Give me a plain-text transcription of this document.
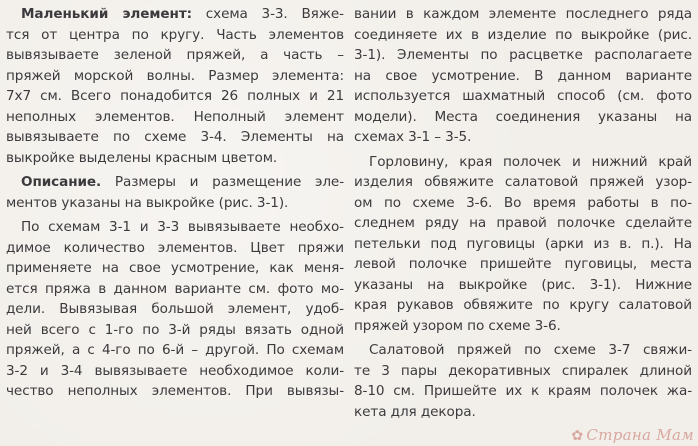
Маленький элемент: схема 3-3. Вяже-
тся от центра по кругу. Часть элементов
вывязываете зеленой пряжей, а часть –
пряжей морской волны. Размер элемента:
7х7 см. Всего понадобится 26 полных и 21
неполных элементов. Неполный элемент
вывязываете по схеме 3-4. Элементы на
выкройке выделены красным цветом.
Описание. Размеры и размещение эле-
ментов указаны на выкройке (рис. 3-1).
По схемам 3-1 и 3-3 вывязываете необхо-
димое количество элементов. Цвет пряжи
применяете на свое усмотрение, как меня-
ется пряжа в данном варианте см. фото мо-
дели. Вывязывая большой элемент, удоб-
ней всего с 1-го по 3-й ряды вязать одной
пряжей, а с 4-го по 6-й – другой. По схемам
3-2 и 3-4 вывязываете необходимое коли-
чество неполных элементов. При вывязы-
вании в каждом элементе последнего ряда
соединяете их в изделие по выкройке (рис.
3-1). Элементы по расцветке располагаете
на свое усмотрение. В данном варианте
используется шахматный способ (см. фото
модели). Места соединения указаны на
схемах 3-1 – 3-5.
Горловину, края полочек и нижний край
изделия обвяжите салатовой пряжей узор-
ом по схеме 3-6. Во время работы в по-
следнем ряду на правой полочке сделайте
петельки под пуговицы (арки из в. п.). На
левой полочке пришейте пуговицы, места
указаны на выкройке (рис. 3-1). Нижние
края рукавов обвяжите по кругу салатовой
пряжей узором по схеме 3-6.
Салатовой пряжей по схеме 3-7 свяжи-
те 3 пары декоративных спиралек длиной
8-10 см. Пришейте их к краям полочек жа-
кета для декора.
✿ Страна Мам
